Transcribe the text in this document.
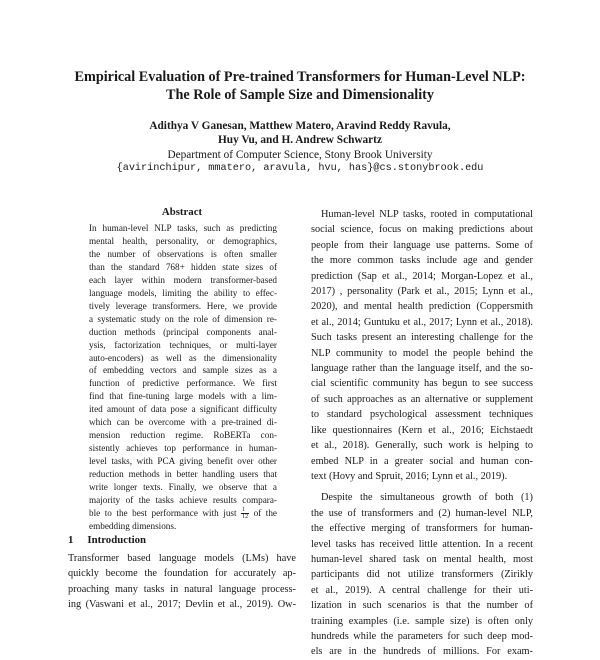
Empirical Evaluation of Pre-trained Transformers for Human-Level NLP:
The Role of Sample Size and Dimensionality
Adithya V Ganesan, Matthew Matero, Aravind Reddy Ravula,
Huy Vu, and H. Andrew Schwartz
Department of Computer Science, Stony Brook University
{avirinchipur, mmatero, aravula, hvu, has}@cs.stonybrook.edu
Abstract
In human-level NLP tasks, such as predicting
mental health, personality, or demographics,
the number of observations is often smaller
than the standard 768+ hidden state sizes of
each layer within modern transformer-based
language models, limiting the ability to effec-
tively leverage transformers. Here, we provide
a systematic study on the role of dimension re-
duction methods (principal components anal-
ysis, factorization techniques, or multi-layer
auto-encoders) as well as the dimensionality
of embedding vectors and sample sizes as a
function of predictive performance. We first
find that fine-tuning large models with a lim-
ited amount of data pose a significant difficulty
which can be overcome with a pre-trained di-
mension reduction regime. RoBERTa con-
sistently achieves top performance in human-
level tasks, with PCA giving benefit over other
reduction methods in better handling users that
write longer texts. Finally, we observe that a
majority of the tasks achieve results compara-
ble to the best performance with just $\frac{1}{12}$ of the
embedding dimensions.
1 Introduction
Transformer based language models (LMs) have
quickly become the foundation for accurately ap-
proaching many tasks in natural language process-
ing (Vaswani et al., 2017; Devlin et al., 2019). Ow-
Human-level NLP tasks, rooted in computational
social science, focus on making predictions about
people from their language use patterns. Some of
the more common tasks include age and gender
prediction (Sap et al., 2014; Morgan-Lopez et al.,
2017) , personality (Park et al., 2015; Lynn et al.,
2020), and mental health prediction (Coppersmith
et al., 2014; Guntuku et al., 2017; Lynn et al., 2018).
Such tasks present an interesting challenge for the
NLP community to model the people behind the
language rather than the language itself, and the so-
cial scientific community has begun to see success
of such approaches as an alternative or supplement
to standard psychological assessment techniques
like questionnaires (Kern et al., 2016; Eichstaedt
et al., 2018). Generally, such work is helping to
embed NLP in a greater social and human con-
text (Hovy and Spruit, 2016; Lynn et al., 2019).
Despite the simultaneous growth of both (1)
the use of transformers and (2) human-level NLP,
the effective merging of transformers for human-
level tasks has received little attention. In a recent
human-level shared task on mental health, most
participants did not utilize transformers (Zirikly
et al., 2019). A central challenge for their uti-
lization in such scenarios is that the number of
training examples (i.e. sample size) is often only
hundreds while the parameters for such deep mod-
els are in the hundreds of millions. For exam-
